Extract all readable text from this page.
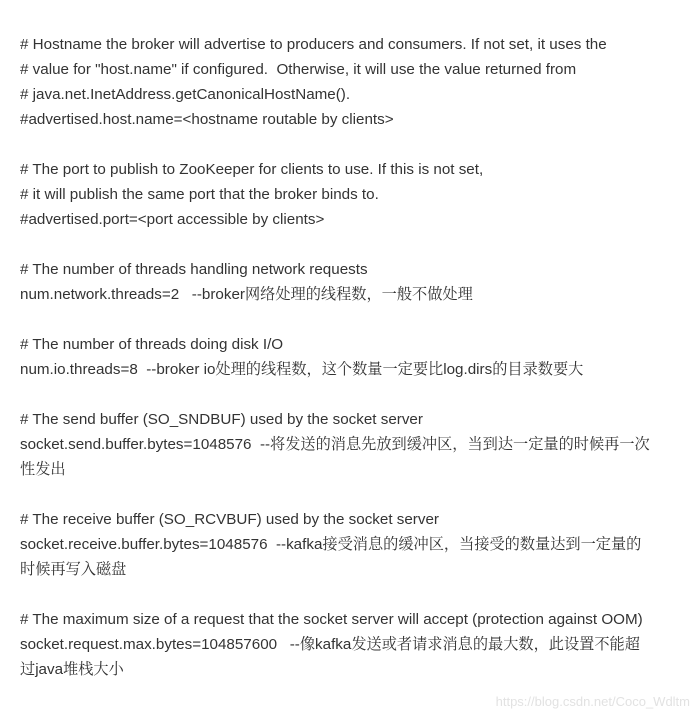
# Hostname the broker will advertise to producers and consumers. If not set, it uses the
# value for "host.name" if configured.  Otherwise, it will use the value returned from
# java.net.InetAddress.getCanonicalHostName().
#advertised.host.name=<hostname routable by clients>
# The port to publish to ZooKeeper for clients to use. If this is not set,
# it will publish the same port that the broker binds to.
#advertised.port=<port accessible by clients>
# The number of threads handling network requests
num.network.threads=2   --broker网络处理的线程数，一般不做处理
# The number of threads doing disk I/O
num.io.threads=8  --broker io处理的线程数，这个数量一定要比log.dirs的目录数要大
# The send buffer (SO_SNDBUF) used by the socket server
socket.send.buffer.bytes=1048576  --将发送的消息先放到缓冲区，当到达一定量的时候再一次
性发出
# The receive buffer (SO_RCVBUF) used by the socket server
socket.receive.buffer.bytes=1048576  --kafka接受消息的缓冲区，当接受的数量达到一定量的
时候再写入磁盘
# The maximum size of a request that the socket server will accept (protection against OOM)
socket.request.max.bytes=104857600   --像kafka发送或者请求消息的最大数，此设置不能超
过java堆栈大小
https://blog.csdn.net/Coco_Wdltm
